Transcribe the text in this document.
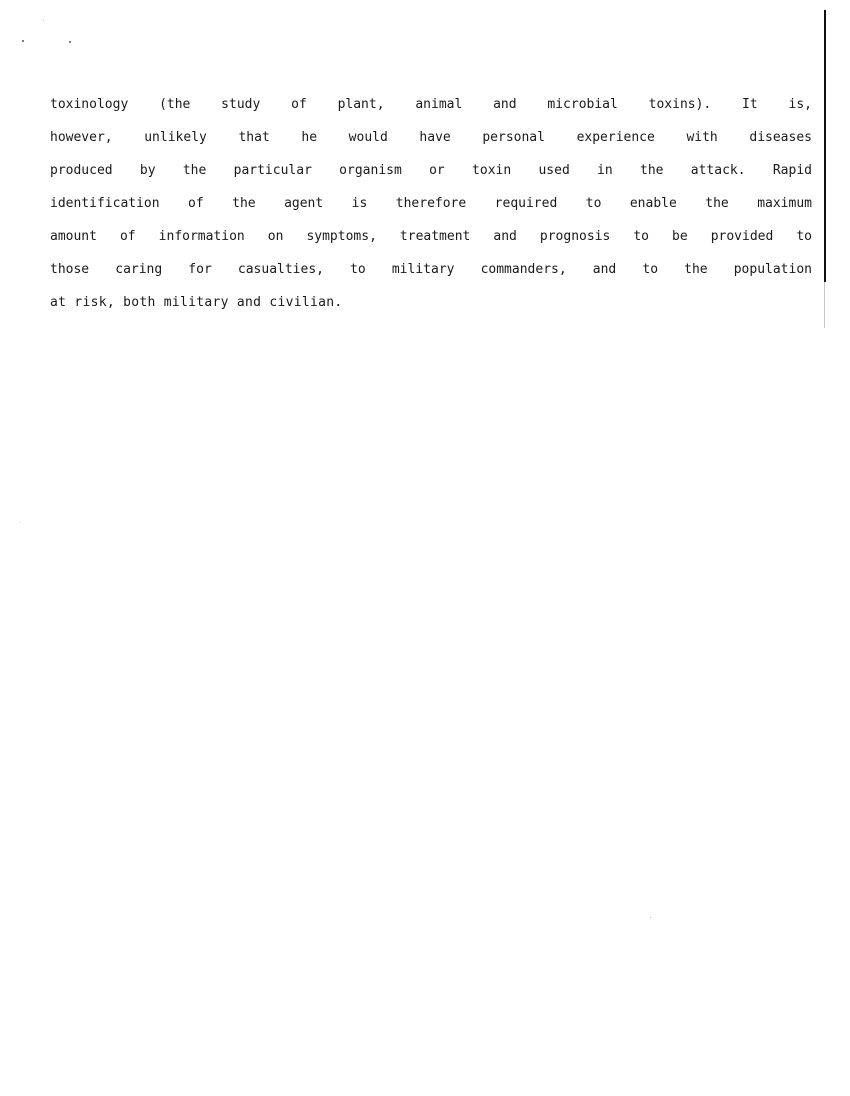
toxinology (the study of plant, animal and microbial toxins). It is,
however, unlikely that he would have personal experience with diseases
produced by the particular organism or toxin used in the attack. Rapid
identification of the agent is therefore required to enable the maximum
amount of information on symptoms, treatment and prognosis to be provided to
those caring for casualties, to military commanders, and to the population
at risk, both military and civilian.
